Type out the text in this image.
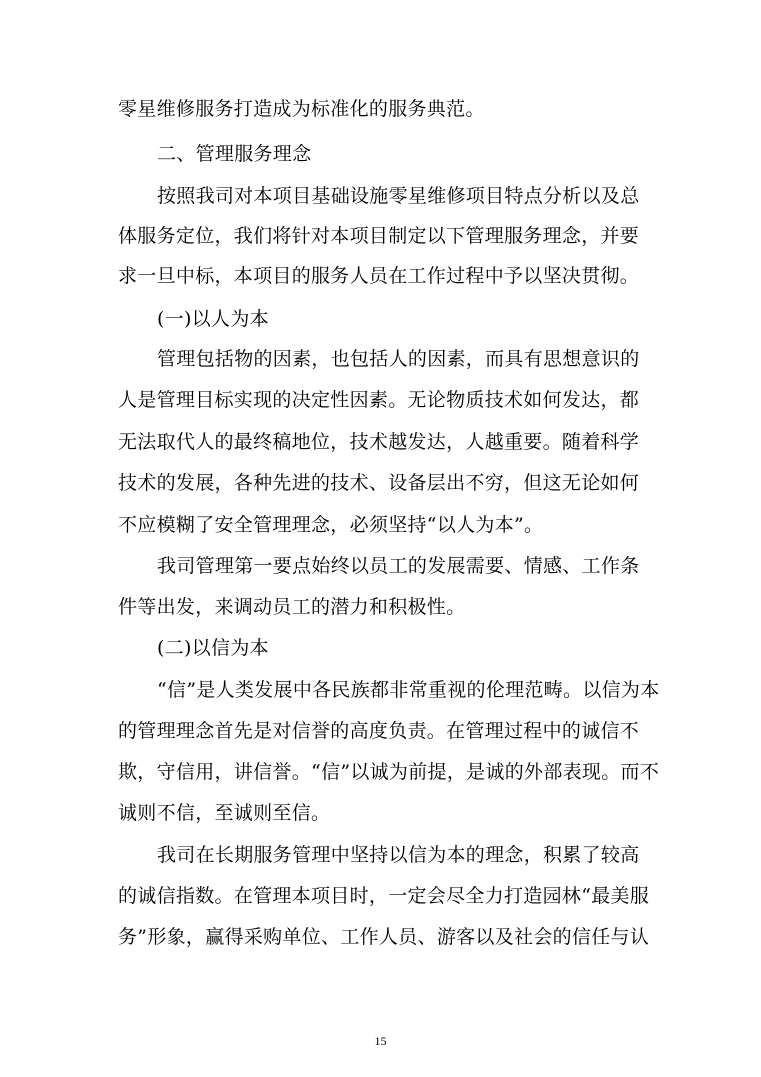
零星维修服务打造成为标准化的服务典范。
二、管理服务理念
按照我司对本项目基础设施零星维修项目特点分析以及总
体服务定位，我们将针对本项目制定以下管理服务理念，并要
求一旦中标，本项目的服务人员在工作过程中予以坚决贯彻。
(一)以人为本
管理包括物的因素，也包括人的因素，而具有思想意识的
人是管理目标实现的决定性因素。无论物质技术如何发达，都
无法取代人的最终稿地位，技术越发达，人越重要。随着科学
技术的发展，各种先进的技术、设备层出不穷，但这无论如何
不应模糊了安全管理理念，必须坚持“以人为本”。
我司管理第一要点始终以员工的发展需要、情感、工作条
件等出发，来调动员工的潜力和积极性。
(二)以信为本
“信”是人类发展中各民族都非常重视的伦理范畴。以信为本
的管理理念首先是对信誉的高度负责。在管理过程中的诚信不
欺，守信用，讲信誉。“信”以诚为前提，是诚的外部表现。而不
诚则不信，至诚则至信。
我司在长期服务管理中坚持以信为本的理念，积累了较高
的诚信指数。在管理本项目时，一定会尽全力打造园林“最美服
务”形象，赢得采购单位、工作人员、游客以及社会的信任与认
15
